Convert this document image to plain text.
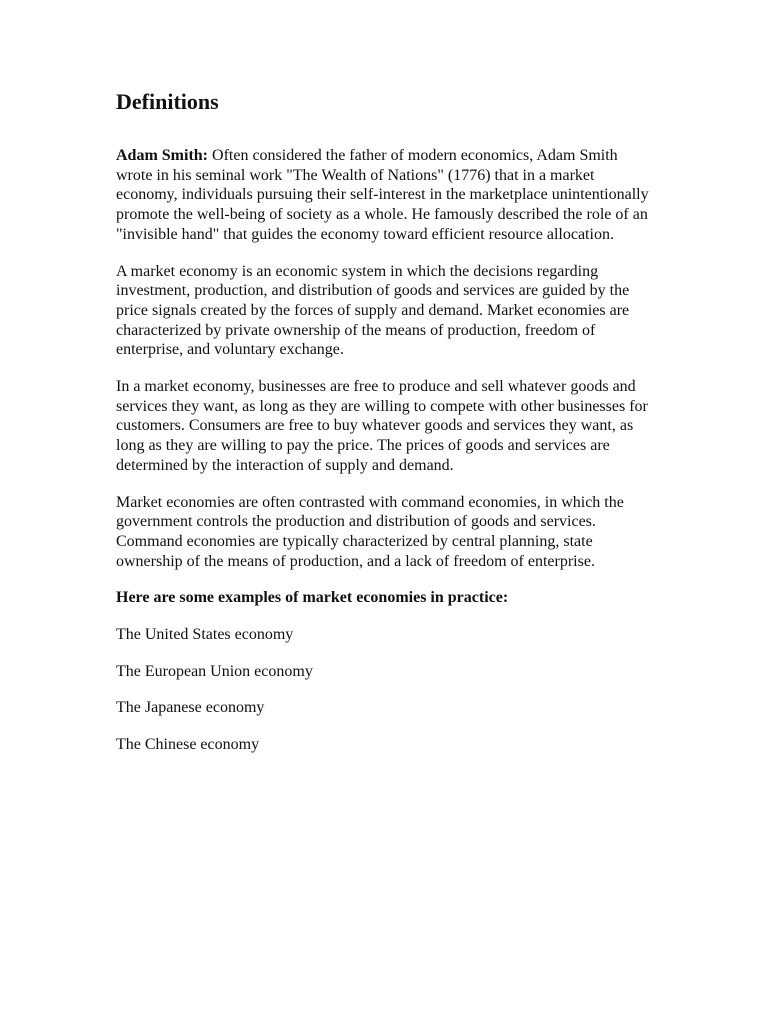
Definitions

Adam Smith: Often considered the father of modern economics, Adam Smith wrote in his seminal work "The Wealth of Nations" (1776) that in a market economy, individuals pursuing their self-interest in the marketplace unintentionally promote the well-being of society as a whole. He famously described the role of an "invisible hand" that guides the economy toward efficient resource allocation.

A market economy is an economic system in which the decisions regarding investment, production, and distribution of goods and services are guided by the price signals created by the forces of supply and demand. Market economies are characterized by private ownership of the means of production, freedom of enterprise, and voluntary exchange.

In a market economy, businesses are free to produce and sell whatever goods and services they want, as long as they are willing to compete with other businesses for customers. Consumers are free to buy whatever goods and services they want, as long as they are willing to pay the price. The prices of goods and services are determined by the interaction of supply and demand.

Market economies are often contrasted with command economies, in which the government controls the production and distribution of goods and services. Command economies are typically characterized by central planning, state ownership of the means of production, and a lack of freedom of enterprise.

Here are some examples of market economies in practice:

The United States economy

The European Union economy

The Japanese economy

The Chinese economy
